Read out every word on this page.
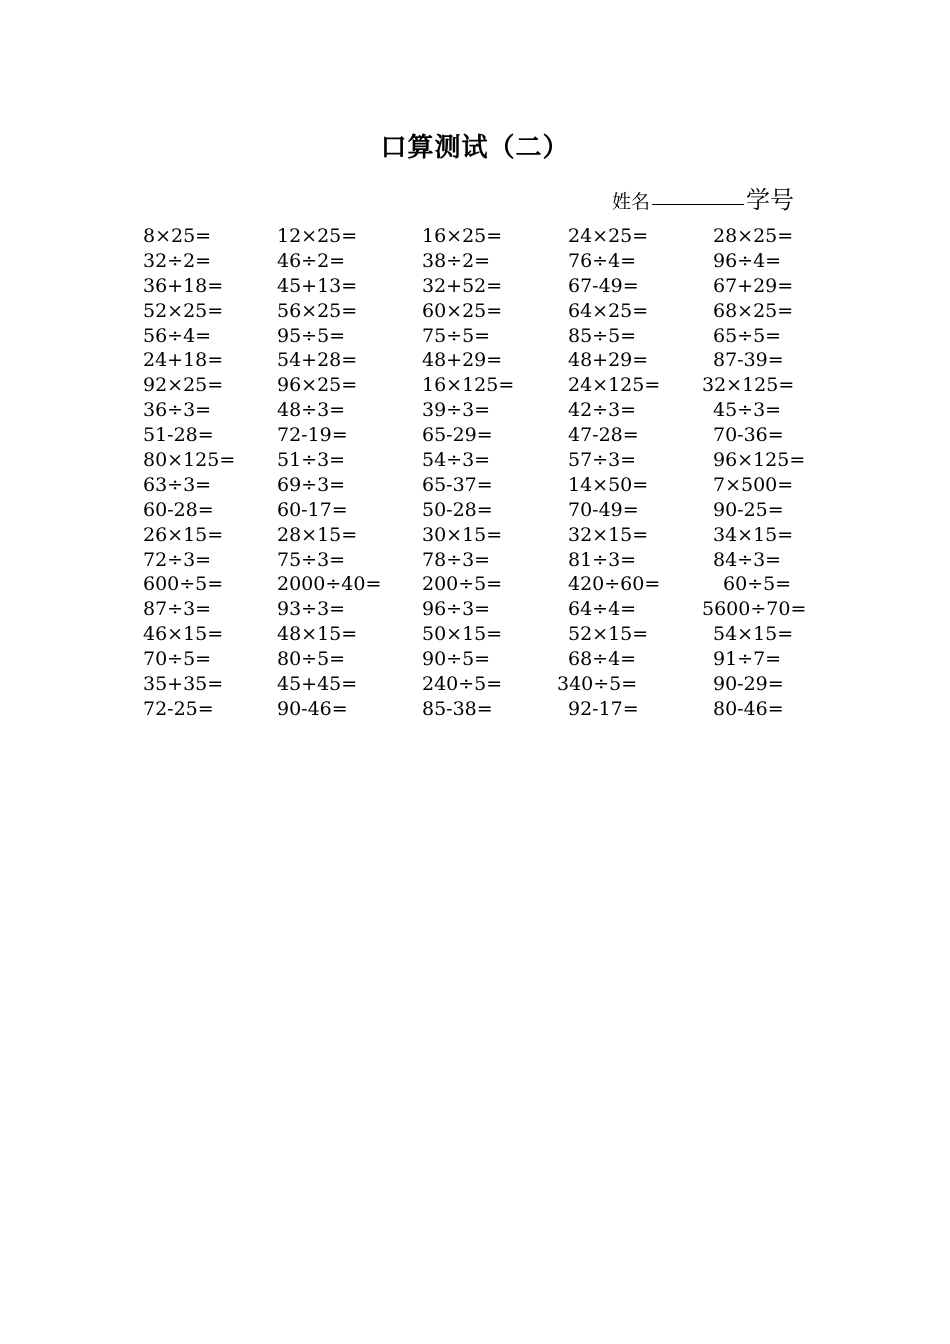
口算测试（二）
姓名	学号
8×25=	12×25=	16×25=	24×25=	28×25=
32÷2=	46÷2=	38÷2=	76÷4=	96÷4=
36+18=	45+13=	32+52=	67-49=	67+29=
52×25=	56×25=	60×25=	64×25=	68×25=
56÷4=	95÷5=	75÷5=	85÷5=	65÷5=
24+18=	54+28=	48+29=	48+29=	87-39=
92×25=	96×25=	16×125=	24×125= 32×125=
36÷3=	48÷3=	39÷3=	42÷3=	45÷3=
51-28=	72-19=	65-29=	47-28=	70-36=
80×125= 51÷3=	54÷3=	57÷3=	96×125=
63÷3=	69÷3=	65-37=	14×50=	7×500=
60-28=	60-17=	50-28=	70-49=	90-25=
26×15=	28×15=	30×15=	32×15=	34×15=
72÷3=	75÷3=	78÷3=	81÷3=	84÷3=
600÷5=	2000÷40= 200÷5=	420÷60=	60÷5=
87÷3=	93÷3=	96÷3=	64÷4=	5600÷70=
46×15=	48×15=	50×15=	52×15=	54×15=
70÷5=	80÷5=	90÷5=	68÷4=	91÷7=
35+35=	45+45=	240÷5=	340÷5=	90-29=
72-25=	90-46=	85-38=	92-17=	80-46=
